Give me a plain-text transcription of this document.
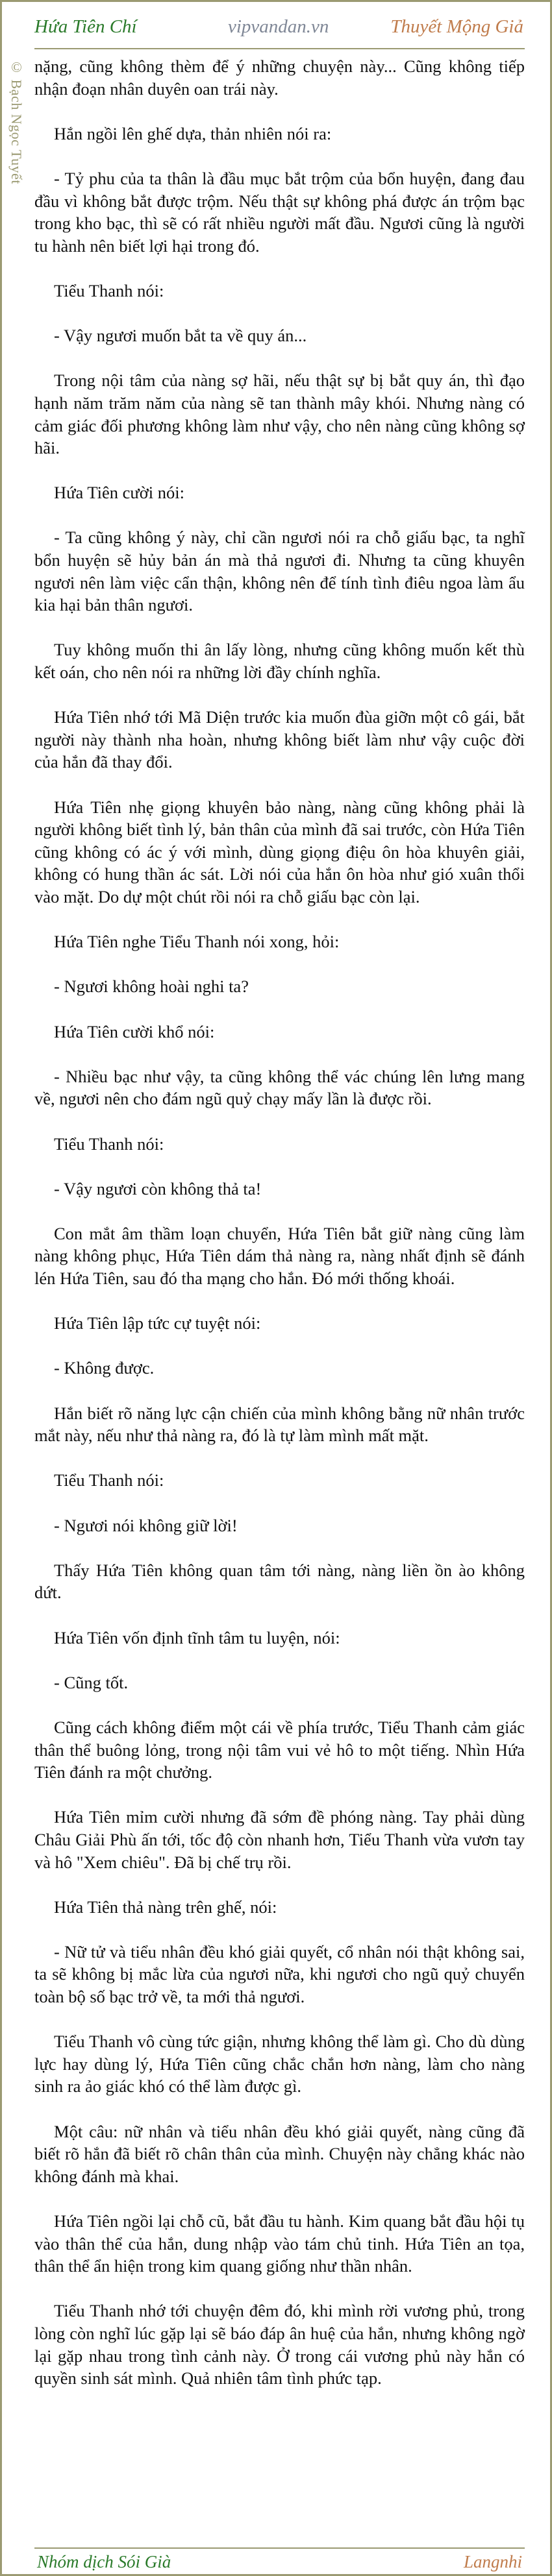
Hứa Tiên Chí	vipvandan.vn	Thuyết Mộng Giả
© Bạch Ngọc Tuyết nặng, cũng không thèm để ý những chuyện này... Cũng không tiếp nhận đoạn nhân duyên oan trái này.

Hắn ngồi lên ghế dựa, thản nhiên nói ra:

- Tỷ phu của ta thân là đầu mục bắt trộm của bổn huyện, đang đau đầu vì không bắt được trộm. Nếu thật sự không phá được án trộm bạc trong kho bạc, thì sẽ có rất nhiều người mất đầu. Ngươi cũng là người tu hành nên biết lợi hại trong đó.

Tiểu Thanh nói:

- Vậy ngươi muốn bắt ta về quy án...

Trong nội tâm của nàng sợ hãi, nếu thật sự bị bắt quy án, thì đạo hạnh năm trăm năm của nàng sẽ tan thành mây khói. Nhưng nàng có cảm giác đối phương không làm như vậy, cho nên nàng cũng không sợ hãi.

Hứa Tiên cười nói:

- Ta cũng không ý này, chỉ cần ngươi nói ra chỗ giấu bạc, ta nghĩ bổn huyện sẽ hủy bản án mà thả ngươi đi. Nhưng ta cũng khuyên ngươi nên làm việc cẩn thận, không nên để tính tình điêu ngoa làm ẩu kia hại bản thân ngươi.

Tuy không muốn thi ân lấy lòng, nhưng cũng không muốn kết thù kết oán, cho nên nói ra những lời đầy chính nghĩa.

Hứa Tiên nhớ tới Mã Diện trước kia muốn đùa giỡn một cô gái, bắt người này thành nha hoàn, nhưng không biết làm như vậy cuộc đời của hắn đã thay đổi.

Hứa Tiên nhẹ giọng khuyên bảo nàng, nàng cũng không phải là người không biết tình lý, bản thân của mình đã sai trước, còn Hứa Tiên cũng không có ác ý với mình, dùng giọng điệu ôn hòa khuyên giải, không có hung thần ác sát. Lời nói của hắn ôn hòa như gió xuân thổi vào mặt. Do dự một chút rồi nói ra chỗ giấu bạc còn lại.

Hứa Tiên nghe Tiểu Thanh nói xong, hỏi:

- Ngươi không hoài nghi ta?

Hứa Tiên cười khổ nói:

- Nhiều bạc như vậy, ta cũng không thể vác chúng lên lưng mang về, ngươi nên cho đám ngũ quỷ chạy mấy lần là được rồi.

Tiểu Thanh nói:

- Vậy ngươi còn không thả ta!

Con mắt âm thầm loạn chuyển, Hứa Tiên bắt giữ nàng cũng làm nàng không phục, Hứa Tiên dám thả nàng ra, nàng nhất định sẽ đánh lén Hứa Tiên, sau đó tha mạng cho hắn. Đó mới thống khoái.

Hứa Tiên lập tức cự tuyệt nói:

- Không được.

Hắn biết rõ năng lực cận chiến của mình không bằng nữ nhân trước mắt này, nếu như thả nàng ra, đó là tự làm mình mất mặt.

Tiểu Thanh nói:

- Ngươi nói không giữ lời!

Thấy Hứa Tiên không quan tâm tới nàng, nàng liền ồn ào không dứt.

Hứa Tiên vốn định tĩnh tâm tu luyện, nói:

- Cũng tốt.

Cũng cách không điểm một cái về phía trước, Tiểu Thanh cảm giác thân thể buông lỏng, trong nội tâm vui vẻ hô to một tiếng. Nhìn Hứa Tiên đánh ra một chưởng.

Hứa Tiên mỉm cười nhưng đã sớm đề phóng nàng. Tay phải dùng Châu Giải Phù ấn tới, tốc độ còn nhanh hơn, Tiểu Thanh vừa vươn tay và hô "Xem chiêu". Đã bị chế trụ rồi.

Hứa Tiên thả nàng trên ghế, nói:

- Nữ tử và tiểu nhân đều khó giải quyết, cổ nhân nói thật không sai, ta sẽ không bị mắc lừa của ngươi nữa, khi ngươi cho ngũ quỷ chuyển toàn bộ số bạc trở về, ta mới thả ngươi.

Tiểu Thanh vô cùng tức giận, nhưng không thể làm gì. Cho dù dùng lực hay dùng lý, Hứa Tiên cũng chắc chắn hơn nàng, làm cho nàng sinh ra ảo giác khó có thể làm được gì.

Một câu: nữ nhân và tiểu nhân đều khó giải quyết, nàng cũng đã biết rõ hắn đã biết rõ chân thân của mình. Chuyện này chẳng khác nào không đánh mà khai.

Hứa Tiên ngồi lại chỗ cũ, bắt đầu tu hành. Kim quang bắt đầu hội tụ vào thân thể của hắn, dung nhập vào tám chủ tinh. Hứa Tiên an tọa, thân thể ẩn hiện trong kim quang giống như thần nhân.

Tiểu Thanh nhớ tới chuyện đêm đó, khi mình rời vương phủ, trong lòng còn nghĩ lúc gặp lại sẽ báo đáp ân huệ của hắn, nhưng không ngờ lại gặp nhau trong tình cảnh này. Ở trong cái vương phủ này hắn có quyền sinh sát mình. Quả nhiên tâm tình phức tạp.

Nhóm dịch Sói Già	Langnhi
